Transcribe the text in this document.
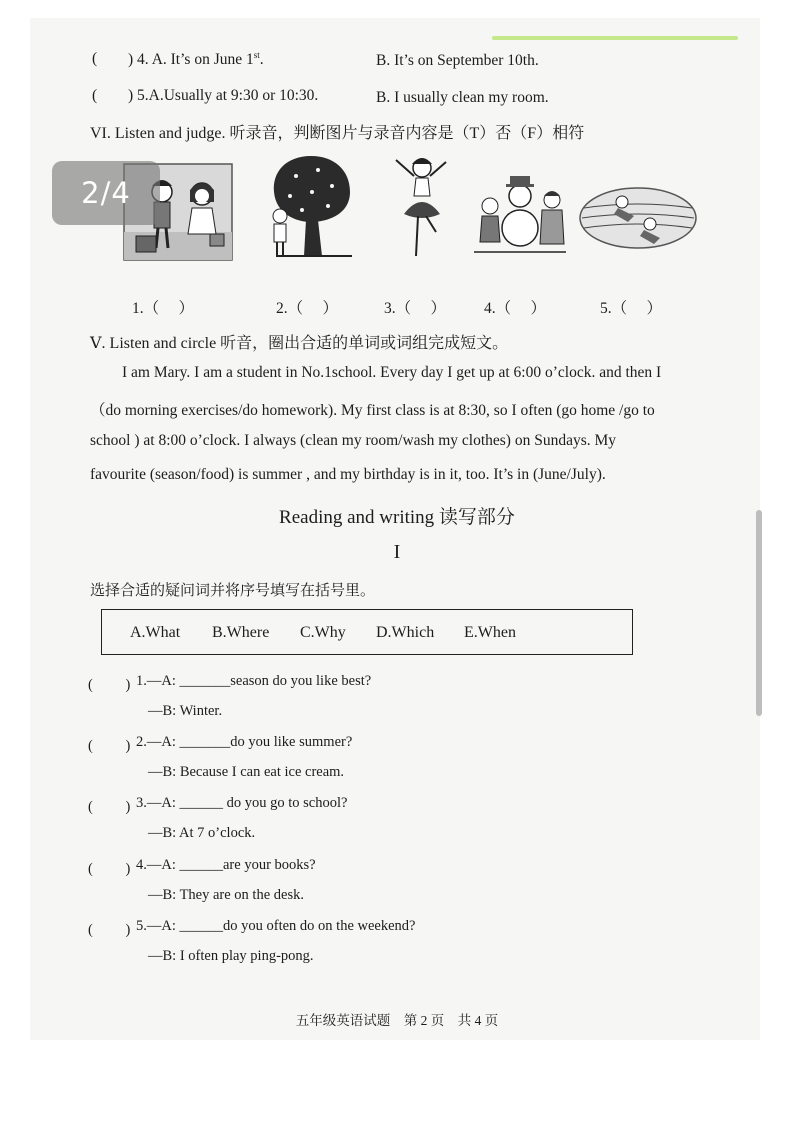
( ) 4. A. It’s on June 1st.	B. It’s on September 10th.
( ) 5.A.Usually at 9:30 or 10:30.	B. I usually clean my room.
VI. Listen and judge. 听录音，判断图片与录音内容是（T）否（F）相符
1.（　 ）	2.（　 ）	3.（　 ） 4.（　 ）	5.（　 ）
Ⅴ. Listen and circle 听音，圈出合适的单词或词组完成短文。
I am Mary. I am a student in No.1school. Every day I get up at 6:00 o’clock. and then I
（do morning exercises/do homework). My first class is at 8:30, so I often (go home /go to
school ) at 8:00 o’clock. I always (clean my room/wash my clothes) on Sundays. My
favourite (season/food) is summer , and my birthday is in it, too. It’s in (June/July).
Reading and writing 读写部分
I
选择合适的疑问词并将序号填写在括号里。
A.What B.Where C.Why D.Which E.When
(　　 ) 1.—A: _______season do you like best?
—B: Winter.
(　　 ) 2.—A: _______do you like summer?
—B: Because I can eat ice cream.
(　　 ) 3.—A: ______ do you go to school?
—B: At 7 o’clock.
(　　 ) 4.—A: ______are your books?
—B: They are on the desk.
(　　 ) 5.—A: ______do you often do on the weekend?
—B: I often play ping-pong.
五年级英语试题　第 2 页　共 4 页
2/4
